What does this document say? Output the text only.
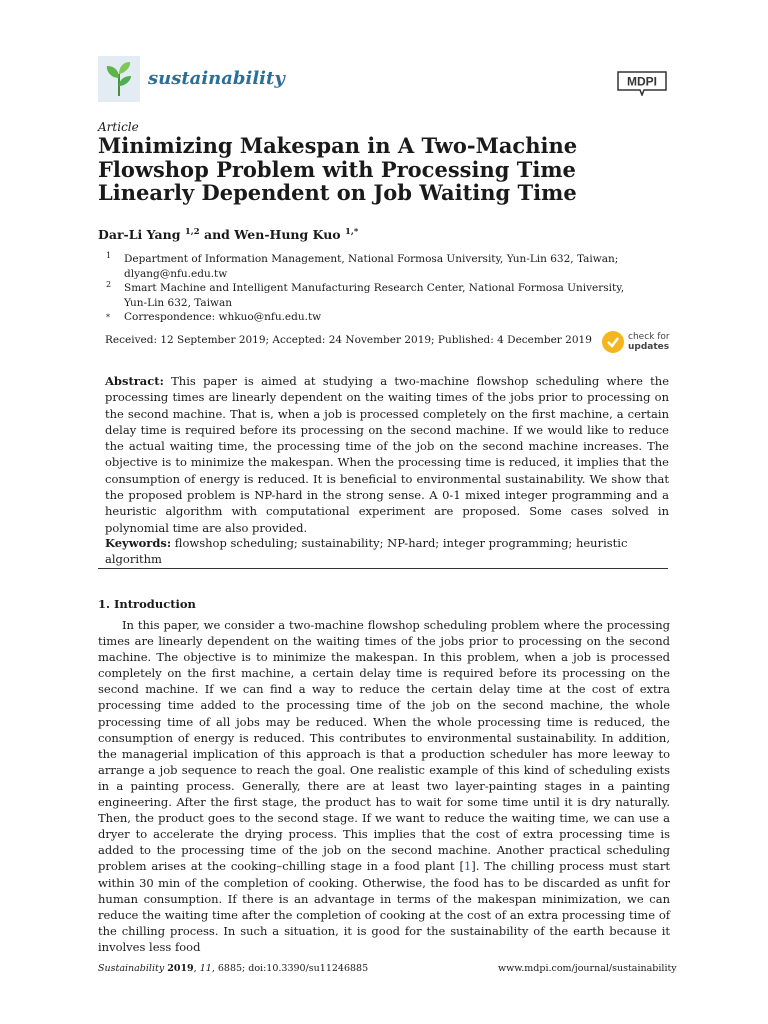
sustainability	MDPI
Article
Minimizing Makespan in A Two-Machine Flowshop Problem with Processing Time Linearly Dependent on Job Waiting Time
Dar-Li Yang $^{1,2}$ and Wen-Hung Kuo $^{1,*}$
1 Department of Information Management, National Formosa University, Yun-Lin 632, Taiwan;
dlyang@nfu.edu.tw
2 Smart Machine and Intelligent Manufacturing Research Center, National Formosa University,
Yun-Lin 632, Taiwan
* Correspondence: whkuo@nfu.edu.tw
Received: 12 September 2019; Accepted: 24 November 2019; Published: 4 December 2019	check for
updates
Abstract: This paper is aimed at studying a two-machine flowshop scheduling where the processing times are linearly dependent on the waiting times of the jobs prior to processing on the second machine. That is, when a job is processed completely on the first machine, a certain delay time is required before its processing on the second machine. If we would like to reduce the actual waiting time, the processing time of the job on the second machine increases. The objective is to minimize the makespan. When the processing time is reduced, it implies that the consumption of energy is reduced. It is beneficial to environmental sustainability. We show that the proposed problem is NP-hard in the strong sense. A 0-1 mixed integer programming and a heuristic algorithm with computational experiment are proposed. Some cases solved in polynomial time are also provided.
Keywords: flowshop scheduling; sustainability; NP-hard; integer programming; heuristic algorithm
1. Introduction
In this paper, we consider a two-machine flowshop scheduling problem where the processing times are linearly dependent on the waiting times of the jobs prior to processing on the second machine. The objective is to minimize the makespan. In this problem, when a job is processed completely on the first machine, a certain delay time is required before its processing on the second machine. If we can find a way to reduce the certain delay time at the cost of extra processing time added to the processing time of the job on the second machine, the whole processing time of all jobs may be reduced. When the whole processing time is reduced, the consumption of energy is reduced. This contributes to environmental sustainability. In addition, the managerial implication of this approach is that a production scheduler has more leeway to arrange a job sequence to reach the goal. One realistic example of this kind of scheduling exists in a painting process. Generally, there are at least two layer-painting stages in a painting engineering. After the first stage, the product has to wait for some time until it is dry naturally. Then, the product goes to the second stage. If we want to reduce the waiting time, we can use a dryer to accelerate the drying process. This implies that the cost of extra processing time is added to the processing time of the job on the second machine. Another practical scheduling problem arises at the cooking–chilling stage in a food plant [1]. The chilling process must start within 30 min of the completion of cooking. Otherwise, the food has to be discarded as unfit for human consumption. If there is an advantage in terms of the makespan minimization, we can reduce the waiting time after the completion of cooking at the cost of an extra processing time of the chilling process. In such a situation, it is good for the sustainability of the earth because it involves less food
Sustainability 2019, 11, 6885; doi:10.3390/su11246885	www.mdpi.com/journal/sustainability
